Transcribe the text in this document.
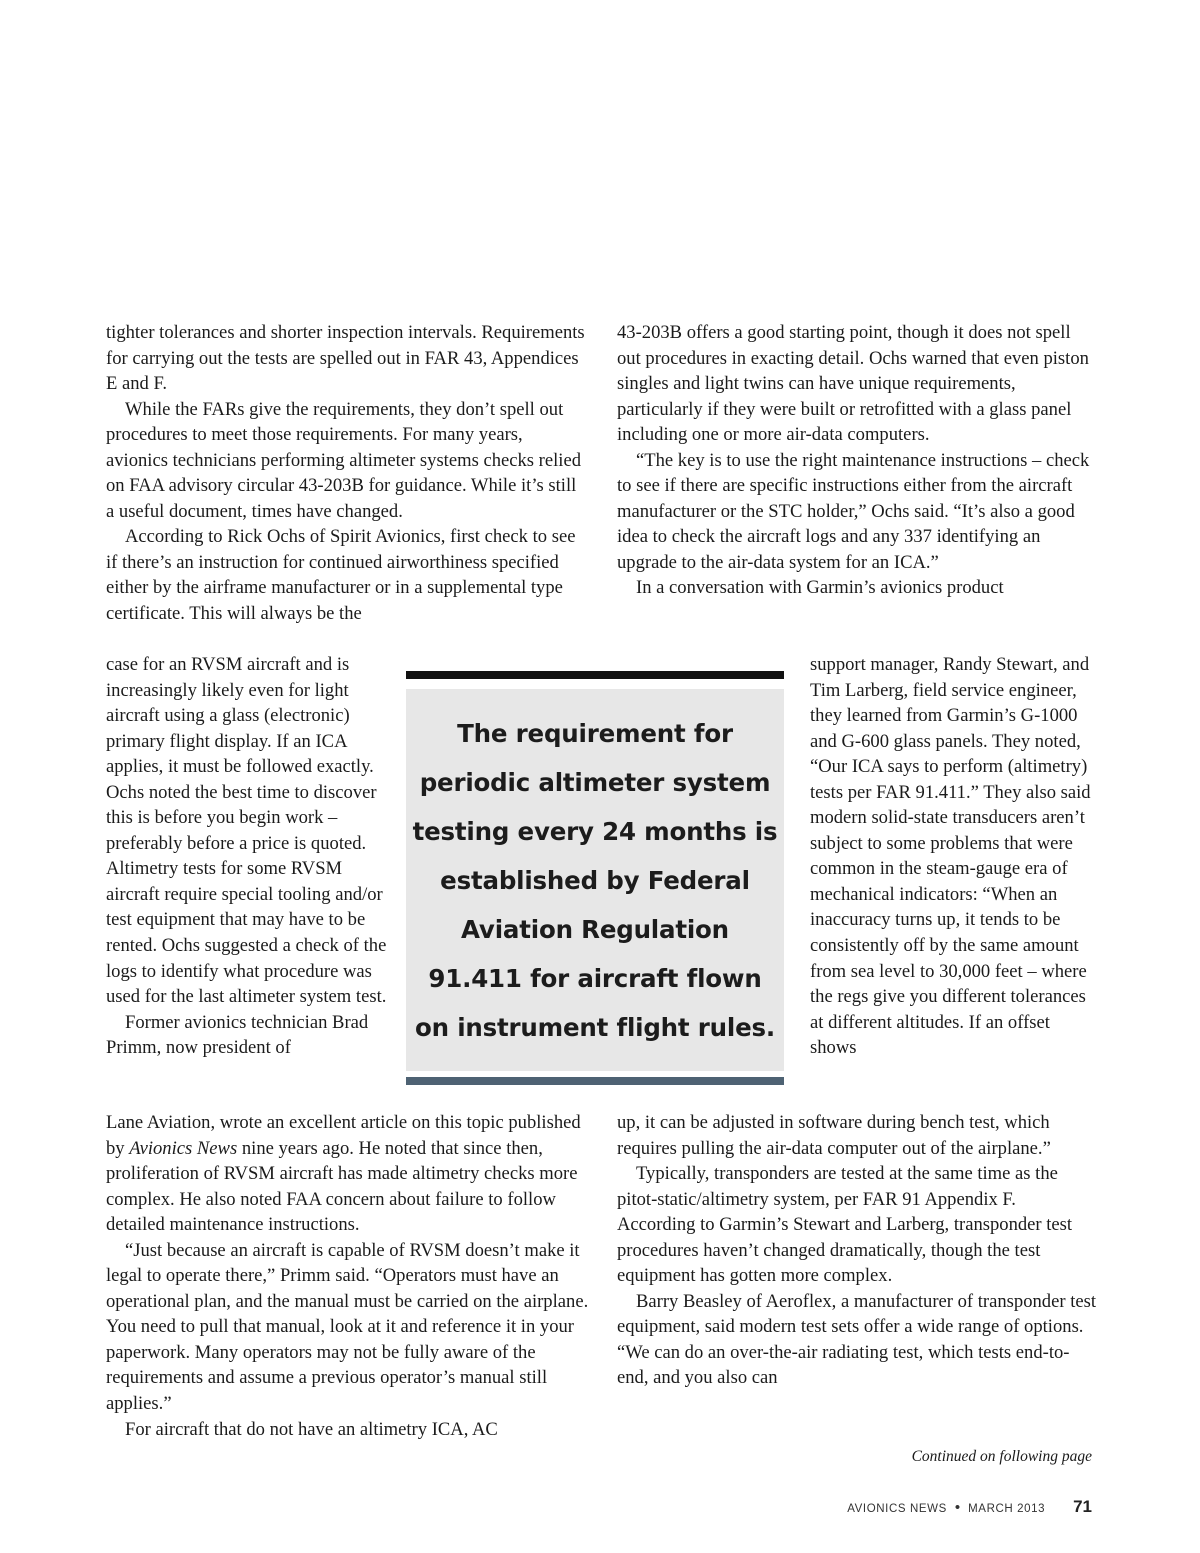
tighter tolerances and shorter inspection intervals. Requirements for carrying out the tests are spelled out in FAR 43, Appendices E and F.

While the FARs give the requirements, they don’t spell out procedures to meet those requirements. For many years, avionics technicians performing altimeter systems checks relied on FAA advisory circular 43-203B for guidance. While it’s still a useful document, times have changed.

According to Rick Ochs of Spirit Avionics, first check to see if there’s an instruction for continued airworthiness specified either by the airframe manufacturer or in a supplemental type certificate. This will always be the

case for an RVSM aircraft and is increasingly likely even for light aircraft using a glass (electronic) primary flight display. If an ICA applies, it must be followed exactly. Ochs noted the best time to discover this is before you begin work – preferably before a price is quoted. Altimetry tests for some RVSM aircraft require special tooling and/or test equipment that may have to be rented. Ochs suggested a check of the logs to identify what procedure was used for the last altimeter system test.

Former avionics technician Brad Primm, now president of

Lane Aviation, wrote an excellent article on this topic published by Avionics News nine years ago. He noted that since then, proliferation of RVSM aircraft has made altimetry checks more complex. He also noted FAA concern about failure to follow detailed maintenance instructions.

“Just because an aircraft is capable of RVSM doesn’t make it legal to operate there,” Primm said. “Operators must have an operational plan, and the manual must be carried on the airplane. You need to pull that manual, look at it and reference it in your paperwork. Many operators may not be fully aware of the requirements and assume a previous operator’s manual still applies.”

For aircraft that do not have an altimetry ICA, AC

43-203B offers a good starting point, though it does not spell out procedures in exacting detail. Ochs warned that even piston singles and light twins can have unique requirements, particularly if they were built or retrofitted with a glass panel including one or more air-data computers.

“The key is to use the right maintenance instructions – check to see if there are specific instructions either from the aircraft manufacturer or the STC holder,” Ochs said. “It’s also a good idea to check the aircraft logs and any 337 identifying an upgrade to the air-data system for an ICA.”

In a conversation with Garmin’s avionics product

support manager, Randy Stewart, and Tim Larberg, field service engineer, they learned from Garmin’s G-1000 and G-600 glass panels. They noted, “Our ICA says to perform (altimetry) tests per FAR 91.411.” They also said modern solid-state transducers aren’t subject to some problems that were common in the steam-gauge era of mechanical indicators: “When an inaccuracy turns up, it tends to be consistently off by the same amount from sea level to 30,000 feet – where the regs give you different tolerances at different altitudes. If an offset shows

up, it can be adjusted in software during bench test, which requires pulling the air-data computer out of the airplane.”

Typically, transponders are tested at the same time as the pitot-static/altimetry system, per FAR 91 Appendix F. According to Garmin’s Stewart and Larberg, transponder test procedures haven’t changed dramatically, though the test equipment has gotten more complex.

Barry Beasley of Aeroflex, a manufacturer of transponder test equipment, said modern test sets offer a wide range of options. “We can do an over-the-air radiating test, which tests end-to-end, and you also can

The requirement for periodic altimeter system testing every 24 months is established by Federal Aviation Regulation 91.411 for aircraft flown on instrument flight rules.

Continued on following page
AVIONICS NEWS • MARCH 2013 71
